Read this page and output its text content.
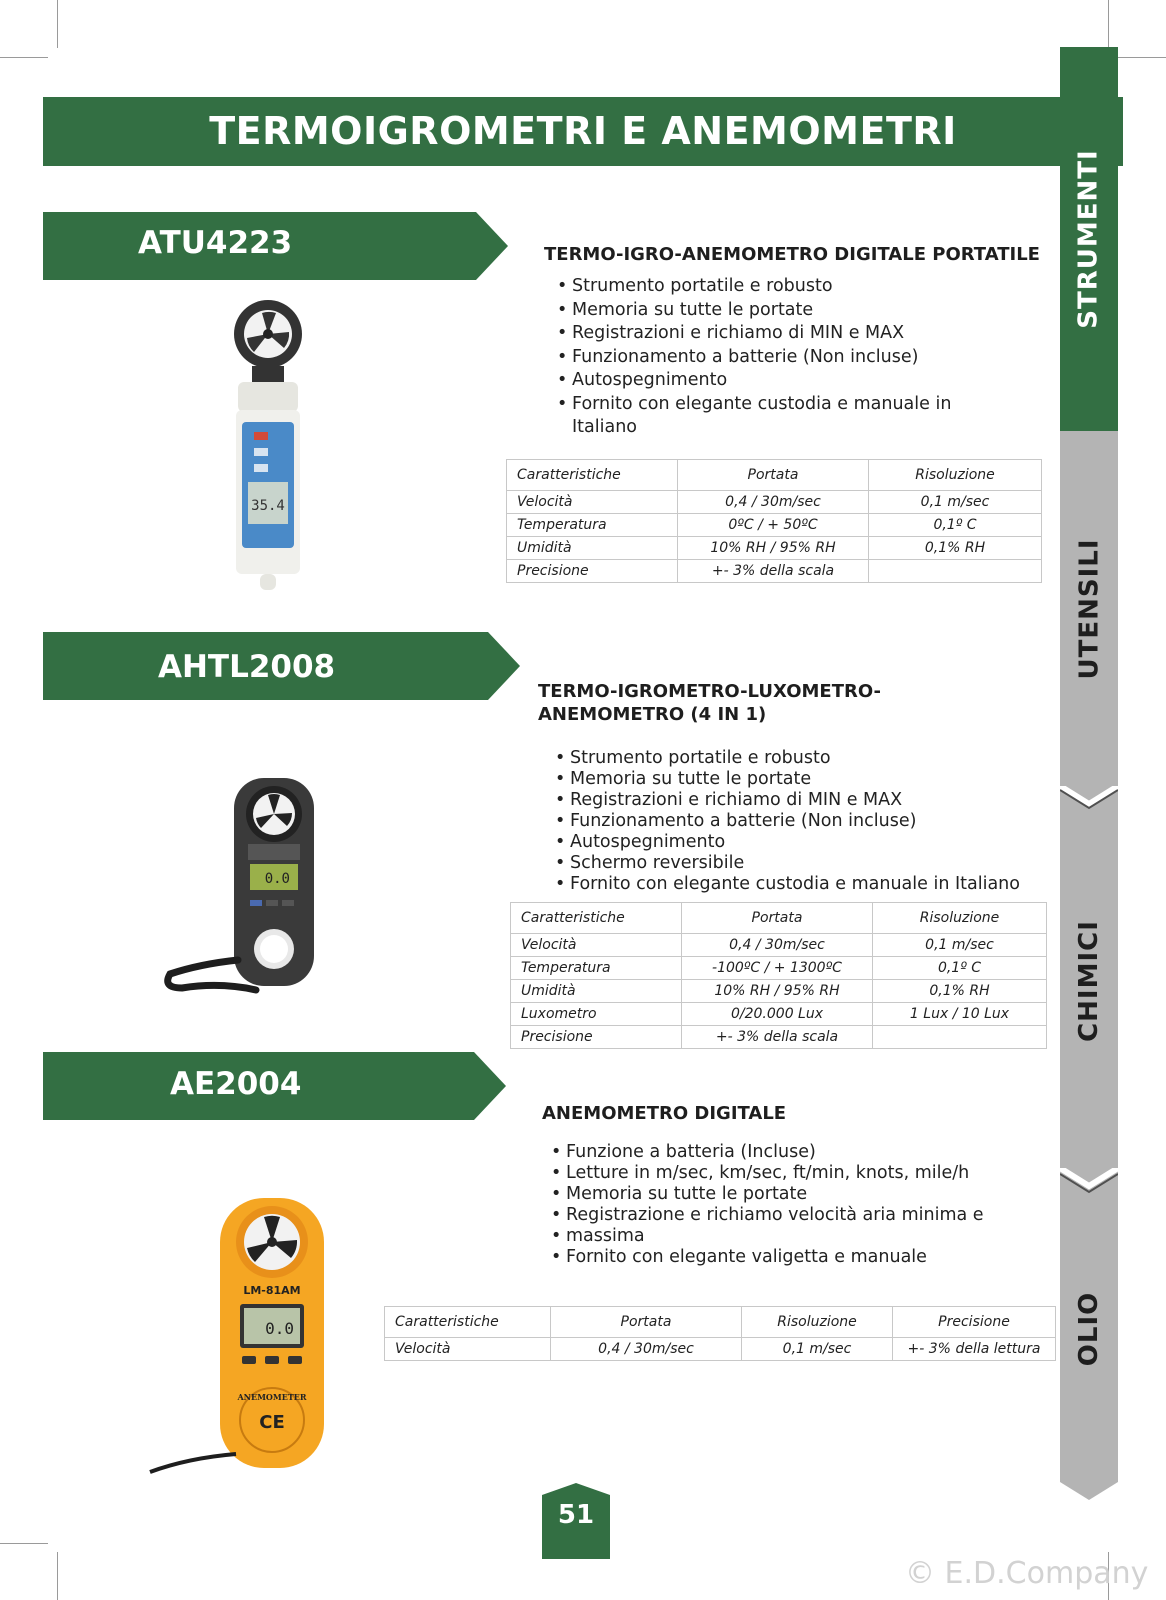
TERMOIGROMETRI E ANEMOMETRI
STRUMENTI
UTENSILI
CHIMICI
OLIO
ATU4223
35.4
TERMO-IGRO-ANEMOMETRO DIGITALE PORTATILE
• Strumento portatile e robusto
• Memoria su tutte le portate
• Registrazioni e richiamo di MIN e MAX
• Funzionamento a batterie (Non incluse)
• Autospegnimento
• Fornito con elegante custodia e manuale in Italiano
Caratteristiche	Portata	Risoluzione
Velocità	0,4 / 30m/sec	0,1 m/sec
Temperatura	0ºC / + 50ºC	0,1º C
Umidità	10% RH / 95% RH	0,1% RH
Precisione	+- 3% della scala	
AHTL2008
0.0
TERMO-IGROMETRO-LUXOMETRO-ANEMOMETRO (4 IN 1)
• Strumento portatile e robusto
• Memoria su tutte le portate
• Registrazioni e richiamo di MIN e MAX
• Funzionamento a batterie (Non incluse)
• Autospegnimento
• Schermo reversibile
• Fornito con elegante custodia e manuale in Italiano
Caratteristiche	Portata	Risoluzione
Velocità	0,4 / 30m/sec	0,1 m/sec
Temperatura	-100ºC / + 1300ºC	0,1º C
Umidità	10% RH / 95% RH	0,1% RH
Luxometro	0/20.000 Lux	1 Lux / 10 Lux
Precisione	+- 3% della scala	
AE2004
LM-81AM
0.0
CE
ANEMOMETER
ANEMOMETRO DIGITALE
• Funzione a batteria (Incluse)
• Letture in m/sec, km/sec, ft/min, knots, mile/h
• Memoria su tutte le portate
• Registrazione e richiamo velocità aria minima e
• massima
• Fornito con elegante valigetta e manuale
Caratteristiche	Portata	Risoluzione	Precisione
Velocità	0,4 / 30m/sec	0,1 m/sec	+- 3% della lettura
51
© E.D.Company
